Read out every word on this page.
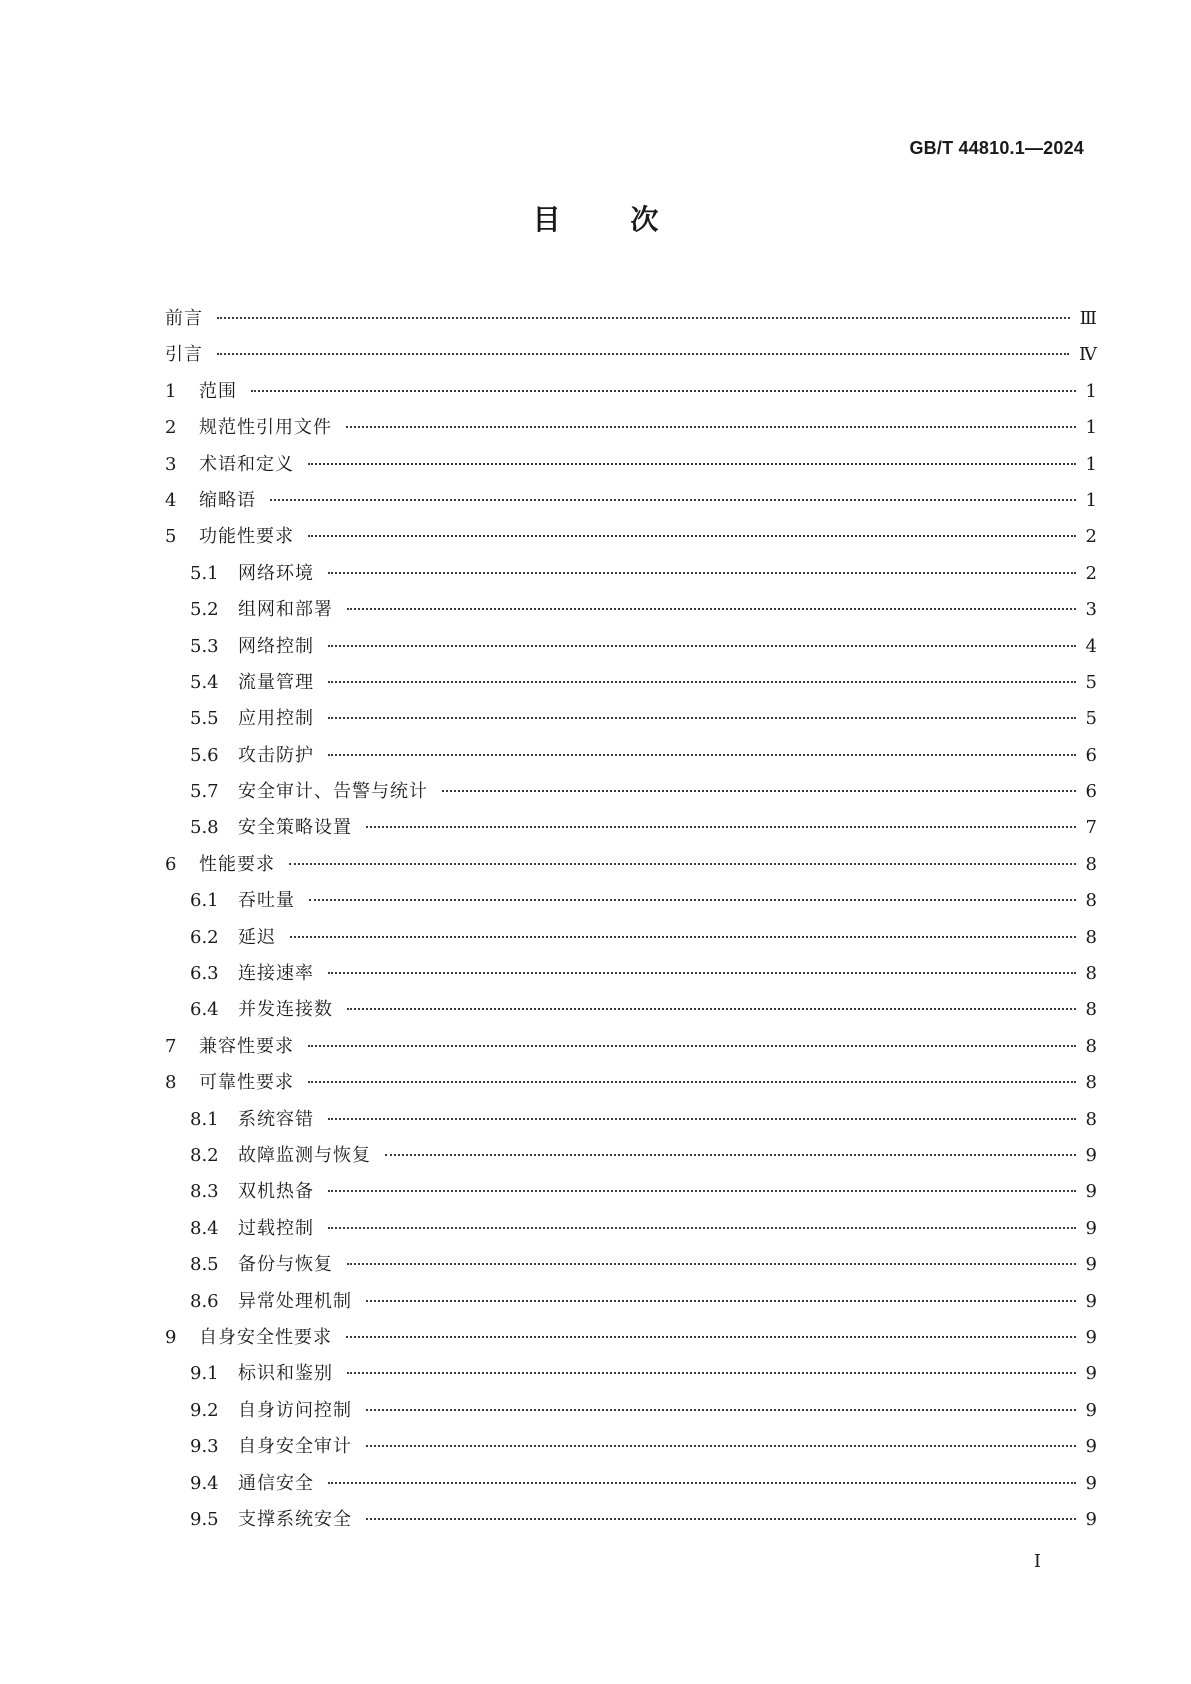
GB/T 44810.1—2024

目 次
前言	Ⅲ
引言	Ⅳ
1	范围	1
2	规范性引用文件	1
3	术语和定义	1
4	缩略语	1
5	功能性要求	2
5.1	网络环境	2
5.2	组网和部署	3
5.3	网络控制	4
5.4	流量管理	5
5.5	应用控制	5
5.6	攻击防护	6
5.7	安全审计、告警与统计	6
5.8	安全策略设置	7
6	性能要求	8
6.1	吞吐量	8
6.2	延迟	8
6.3	连接速率	8
6.4	并发连接数	8
7	兼容性要求	8
8	可靠性要求	8
8.1	系统容错	8
8.2	故障监测与恢复	9
8.3	双机热备	9
8.4	过载控制	9
8.5	备份与恢复	9
8.6	异常处理机制	9
9	自身安全性要求	9
9.1	标识和鉴别	9
9.2	自身访问控制	9
9.3	自身安全审计	9
9.4	通信安全	9
9.5	支撑系统安全	9

Ⅰ
